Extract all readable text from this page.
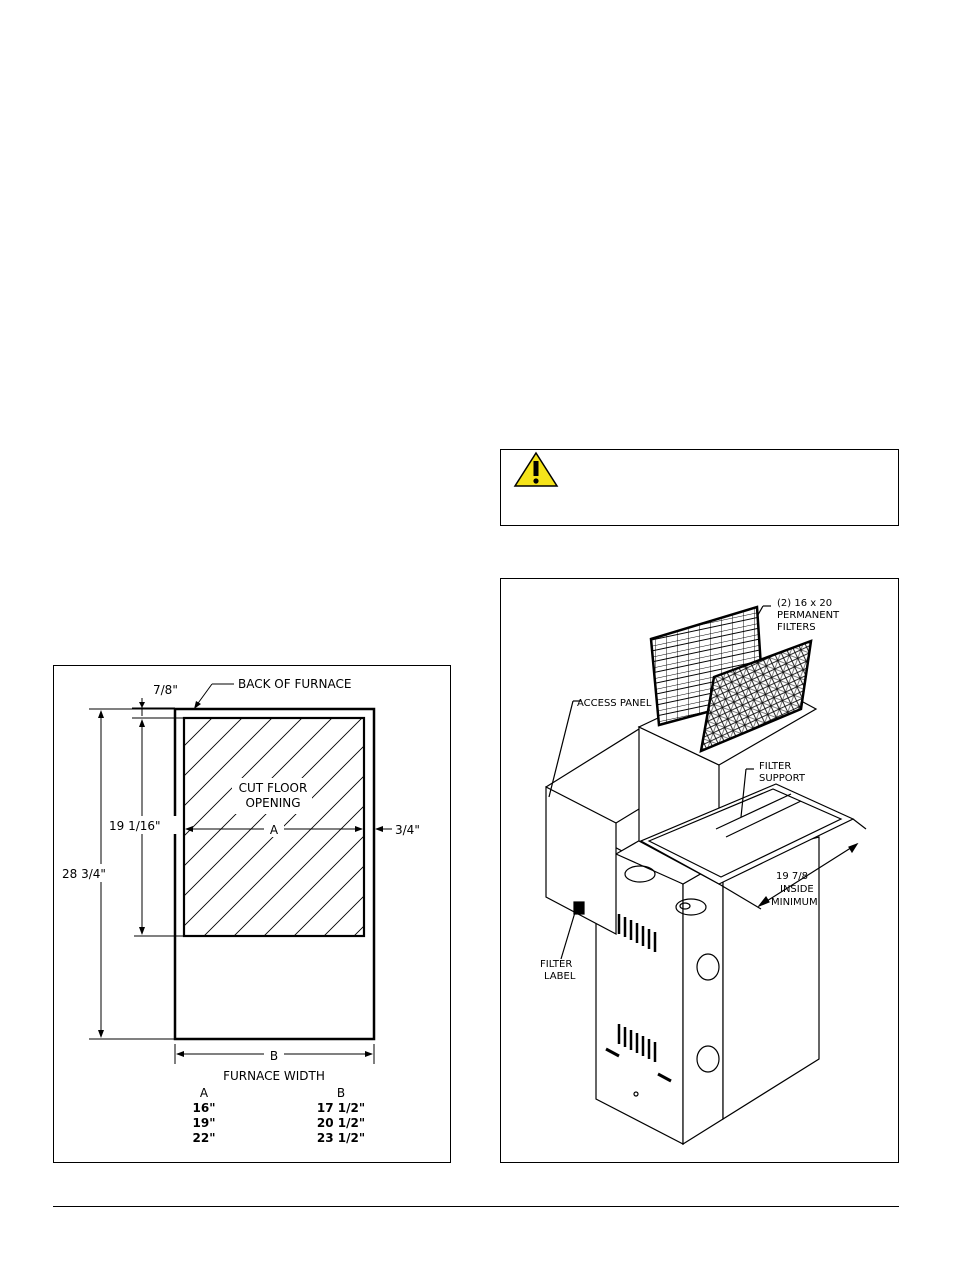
CUT FLOOR
OPENING
BACK OF FURNACE
7/8"
28 3/4"
19 1/16"	A	3/4"
B
FURNACE WIDTH
A	B
16"	17 1/2"
19"	20 1/2"
22"	23 1/2"
(2) 16 x 20
PERMANENT
FILTERS
ACCESS PANEL
FILTER
SUPPORT
19 7/8
INSIDE
MINIMUM
FILTER
LABEL
